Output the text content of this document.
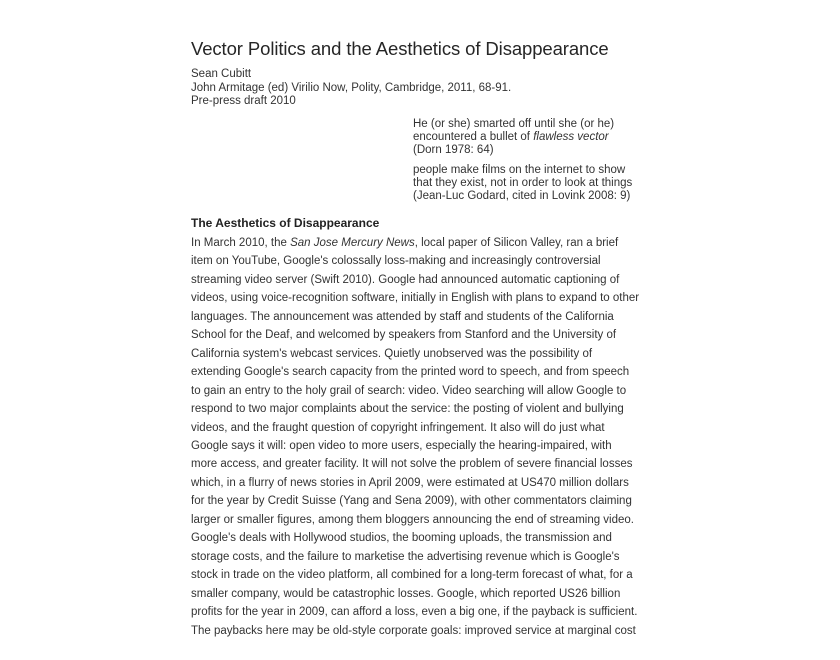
Vector Politics and the Aesthetics of Disappearance
Sean Cubitt
John Armitage (ed) Virilio Now, Polity, Cambridge, 2011, 68-91.
Pre-press draft 2010
He (or she) smarted off until she (or he)
encountered a bullet of flawless vector
(Dorn 1978: 64)
people make films on the internet to show
that they exist, not in order to look at things
(Jean-Luc Godard, cited in Lovink 2008: 9)
The Aesthetics of Disappearance
In March 2010, the San Jose Mercury News, local paper of Silicon Valley, ran a brief
item on YouTube, Google's colossally loss-making and increasingly controversial
streaming video server (Swift 2010). Google had announced automatic captioning of
videos, using voice-recognition software, initially in English with plans to expand to other
languages. The announcement was attended by staff and students of the California
School for the Deaf, and welcomed by speakers from Stanford and the University of
California system's webcast services. Quietly unobserved was the possibility of
extending Google's search capacity from the printed word to speech, and from speech
to gain an entry to the holy grail of search: video. Video searching will allow Google to
respond to two major complaints about the service: the posting of violent and bullying
videos, and the fraught question of copyright infringement. It also will do just what
Google says it will: open video to more users, especially the hearing-impaired, with
more access, and greater facility. It will not solve the problem of severe financial losses
which, in a flurry of news stories in April 2009, were estimated at US470 million dollars
for the year by Credit Suisse (Yang and Sena 2009), with other commentators claiming
larger or smaller figures, among them bloggers announcing the end of streaming video.
Google's deals with Hollywood studios, the booming uploads, the transmission and
storage costs, and the failure to marketise the advertising revenue which is Google's
stock in trade on the video platform, all combined for a long-term forecast of what, for a
smaller company, would be catastrophic losses. Google, which reported US26 billion
profits for the year in 2009, can afford a loss, even a big one, if the payback is sufficient.
The paybacks here may be old-style corporate goals: improved service at marginal cost
